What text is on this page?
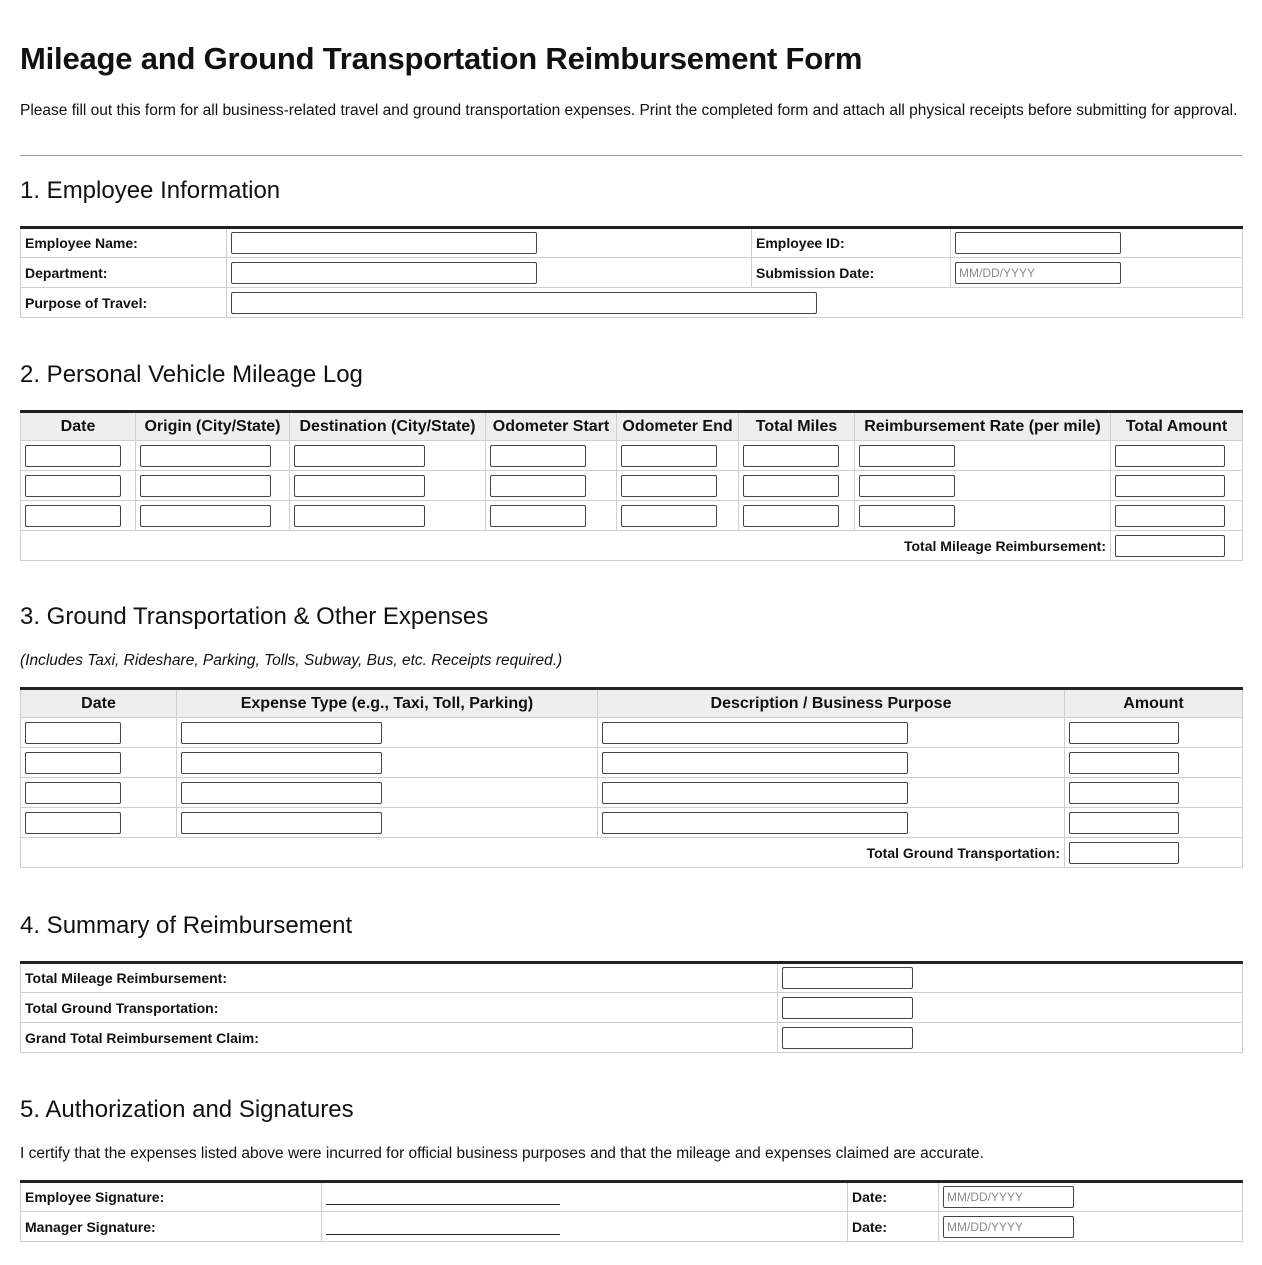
Mileage and Ground Transportation Reimbursement Form

Please fill out this form for all business-related travel and ground transportation expenses. Print the completed form and attach all physical receipts before submitting for approval.

1. Employee Information
Employee Name:		Employee ID:	

Department:		Submission Date:	MM/DD/YYYY

Purpose of Travel:			
2. Personal Vehicle Mileage Log
Date	Origin (City/State)	Destination (City/State)	Odometer Start	Odometer End	Total Miles	Reimbursement Rate (per mile)	Total Amount

Total Mileage Reimbursement:							
3. Ground Transportation & Other Expenses

(Includes Taxi, Rideshare, Parking, Tolls, Subway, Bus, etc. Receipts required.)

Date	Expense Type (e.g., Taxi, Toll, Parking)	Description / Business Purpose	Amount

Total Ground Transportation:			
4. Summary of Reimbursement
Total Mileage Reimbursement:	

Total Ground Transportation:	

Grand Total Reimbursement Claim:	
5. Authorization and Signatures

I certify that the expenses listed above were incurred for official business purposes and that the mileage and expenses claimed are accurate.

Employee Signature:		Date:	MM/DD/YYYY

Manager Signature:		Date:	MM/DD/YYYY
